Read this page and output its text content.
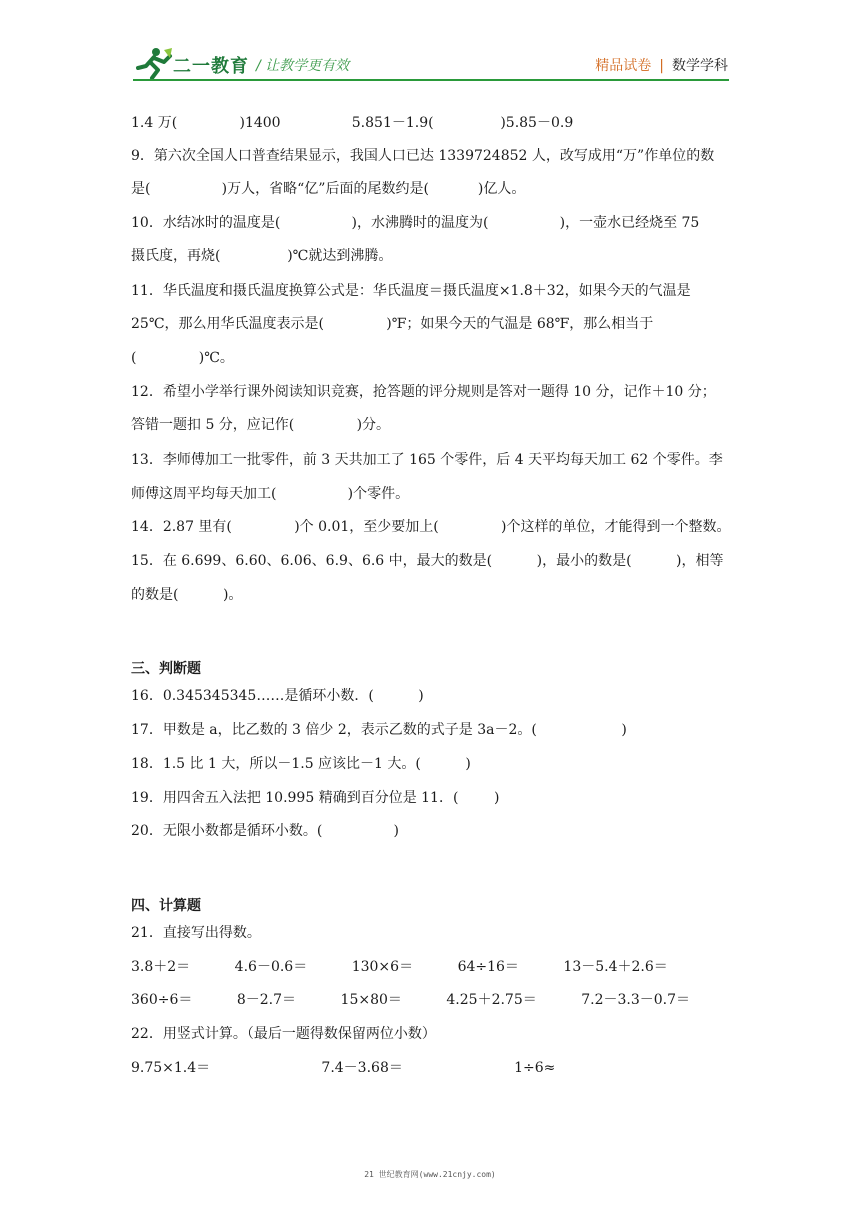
二一教育 / 让教学更有效	精品试卷 | 数学学科
1.4 万(              )1400                5.851－1.9(               )5.85－0.9
9．第六次全国人口普查结果显示，我国人口已达 1339724852 人，改写成用“万”作单位的数
是(                )万人，省略“亿”后面的尾数约是(           )亿人。
10．水结冰时的温度是(                )，水沸腾时的温度为(                )，一壶水已经烧至 75
摄氏度，再烧(               )℃就达到沸腾。
11．华氏温度和摄氏温度换算公式是：华氏温度＝摄氏温度×1.8＋32，如果今天的气温是
25℃，那么用华氏温度表示是(              )℉；如果今天的气温是 68℉，那么相当于
(              )℃。
12．希望小学举行课外阅读知识竞赛，抢答题的评分规则是答对一题得 10 分，记作＋10 分；
答错一题扣 5 分，应记作(              )分。
13．李师傅加工一批零件，前 3 天共加工了 165 个零件，后 4 天平均每天加工 62 个零件。李
师傅这周平均每天加工(                )个零件。
14．2.87 里有(              )个 0.01，至少要加上(              )个这样的单位，才能得到一个整数。
15．在 6.699、6.60、6.06、6.9、6.6 中，最大的数是(          )，最小的数是(          )，相等
的数是(          )。
三、判断题
16．0.345345345……是循环小数．(          )
17．甲数是 a，比乙数的 3 倍少 2，表示乙数的式子是 3a－2。(                   )
18．1.5 比 1 大，所以－1.5 应该比－1 大。(          )
19．用四舍五入法把 10.995 精确到百分位是 11．(        )
20．无限小数都是循环小数。(                )
四、计算题
21．直接写出得数。
3.8＋2＝          4.6－0.6＝          130×6＝          64÷16＝          13－5.4＋2.6＝
360÷6＝          8－2.7＝          15×80＝          4.25＋2.75＝          7.2－3.3－0.7＝
22．用竖式计算。（最后一题得数保留两位小数）
9.75×1.4＝                         7.4－3.68＝                         1÷6≈
21 世纪教育网(www.21cnjy.com)
